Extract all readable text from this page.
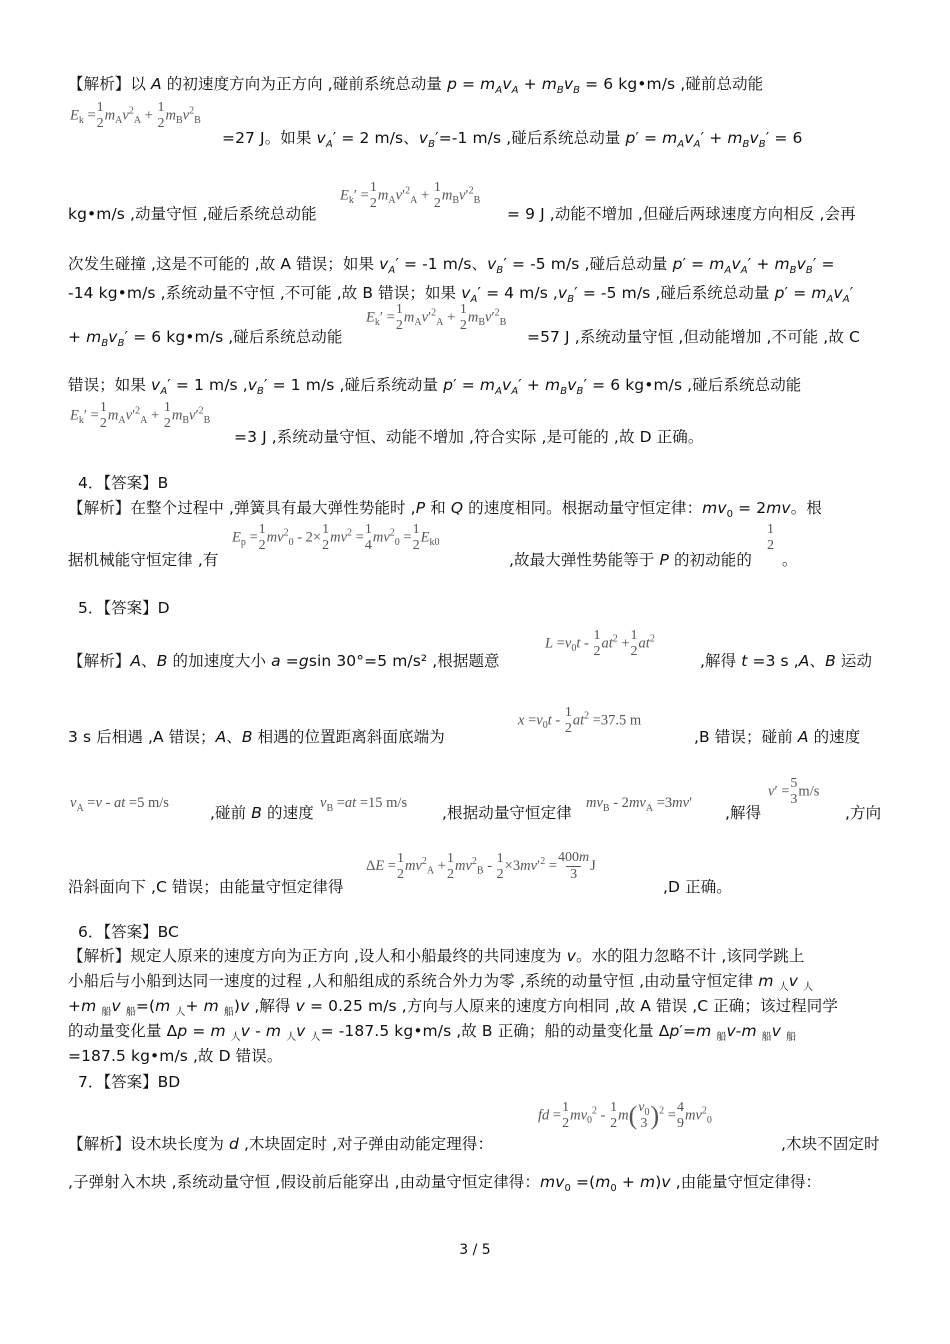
【解析】以 A 的初速度方向为正方向 ,碰前系统总动量 $p = m_Av_A + m_Bv_B = 6$ kg•m/s ,碰前总动能
$E_k = 1$
2
$m_Av^2_A + 1$
2
$m_Bv^2_B$
=27 J。如果 $v_A' = 2$ m/s、$v_B'=-1$ m/s ,碰后系统总动量 $p' = m_Av_A' + m_Bv_B' = 6$
kg•m/s ,动量守恒 ,碰后系统总动能
$E_k' = 1$
2
$m_Av'^2_A + 1$
2
$m_Bv'^2_B$
= 9 J ,动能不增加 ,但碰后两球速度方向相反 ,会再
次发生碰撞 ,这是不可能的 ,故 A 错误；如果 $v_A' = -1$ m/s、$v_B' = -5$ m/s ,碰后总动量 $p' = m_Av_A' + m_Bv_B'$ =
-14 kg•m/s ,系统动量不守恒 ,不可能 ,故 B 错误；如果 $v_A' = 4$ m/s $,v_B' = -5$ m/s ,碰后系统总动量 $p' = m_Av_A'$
+ $m_Bv_B' = 6$ kg•m/s ,碰后系统总动能
$E_k' = 1$
2
$m_Av'^2_A + 1$
2
$m_Bv'^2_B$
=57 J ,系统动量守恒 ,但动能增加 ,不可能 ,故 C
错误；如果 $v_A' = 1$ m/s $,v_B' = 1$ m/s ,碰后系统动量 $p' = m_Av_A' + m_Bv_B' = 6$ kg•m/s ,碰后系统总动能
$E_k' = 1$
2
$m_Av'^2_A + 1$
2
$m_Bv'^2_B$
=3 J ,系统动量守恒、动能不增加 ,符合实际 ,是可能的 ,故 D 正确。
4．【答案】B
【解析】在整个过程中 ,弹簧具有最大弹性势能时 ,P 和 Q 的速度相同。根据动量守恒定律：$mv_0 = 2mv$。根
据机械能守恒定律 ,有
$E_p = 1$
2
$mv^2_0 - 2\times 1$
2
$mv^2 = 1$
4
$mv^2_0 = 1$
2
$E_{k0}$
,故最大弹性势能等于 P 的初动能的
1
2
。
5．【答案】D
【解析】A、B 的加速度大小 a =gsin 30°=5 m/s² ,根据题意
$L =v_0t - 1$
2
$at^2 + 1$
2
$at^2$
,解得 t =3 s ,A、B 运动
3 s 后相遇 ,A 错误；A、B 相遇的位置距离斜面底端为
$x =v_0t - 1$
2
$at^2 =37.5$ m
,B 错误；碰前 A 的速度
$v_A =v$ - at =5 m/s
,碰前 B 的速度
$v_B =at =15$ m/s
,根据动量守恒定律
$mv_B - 2mv_A =3mv'$
,解得
v′ = 5
3
m/s
,方向
沿斜面向下 ,C 错误；由能量守恒定律得
ΔE = 1
2
$mv^2_A + 1$
2
$mv^2_B - 1$
2
$\times 3mv'^2 = \frac{400m}{3}$ J
,D 正确。
6．【答案】BC
【解析】规定人原来的速度方向为正方向 ,设人和小船最终的共同速度为 v。水的阻力忽略不计 ,该同学跳上
小船后与小船到达同一速度的过程 ,人和船组成的系统合外力为零 ,系统的动量守恒 ,由动量守恒定律 m $_人$v $_人$
+m $_船$v $_船$=(m $_人$+ m $_船$)v ,解得 v = 0.25 m/s ,方向与人原来的速度方向相同 ,故 A 错误 ,C 正确；该过程同学
的动量变化量 Δp = m $_人$v - m $_人$v $_人$= -187.5 kg•m/s ,故 B 正确；船的动量变化量 Δp′=m $_船$v-m $_船$v $_船$
=187.5 kg•m/s ,故 D 错误。
7．【答案】BD
【解析】设木块长度为 d ,木块固定时 ,对子弹由动能定理得：
fd = 1
2
$mv_0^2 - 1$
2
m( $v_0$
3 )$^2$ = 4
9
$mv^2_0$
,木块不固定时
,子弹射入木块 ,系统动量守恒 ,假设前后能穿出 ,由动量守恒定律得：$mv_0 =(m_0 + m)v$ ,由能量守恒定律得：
3 / 5
